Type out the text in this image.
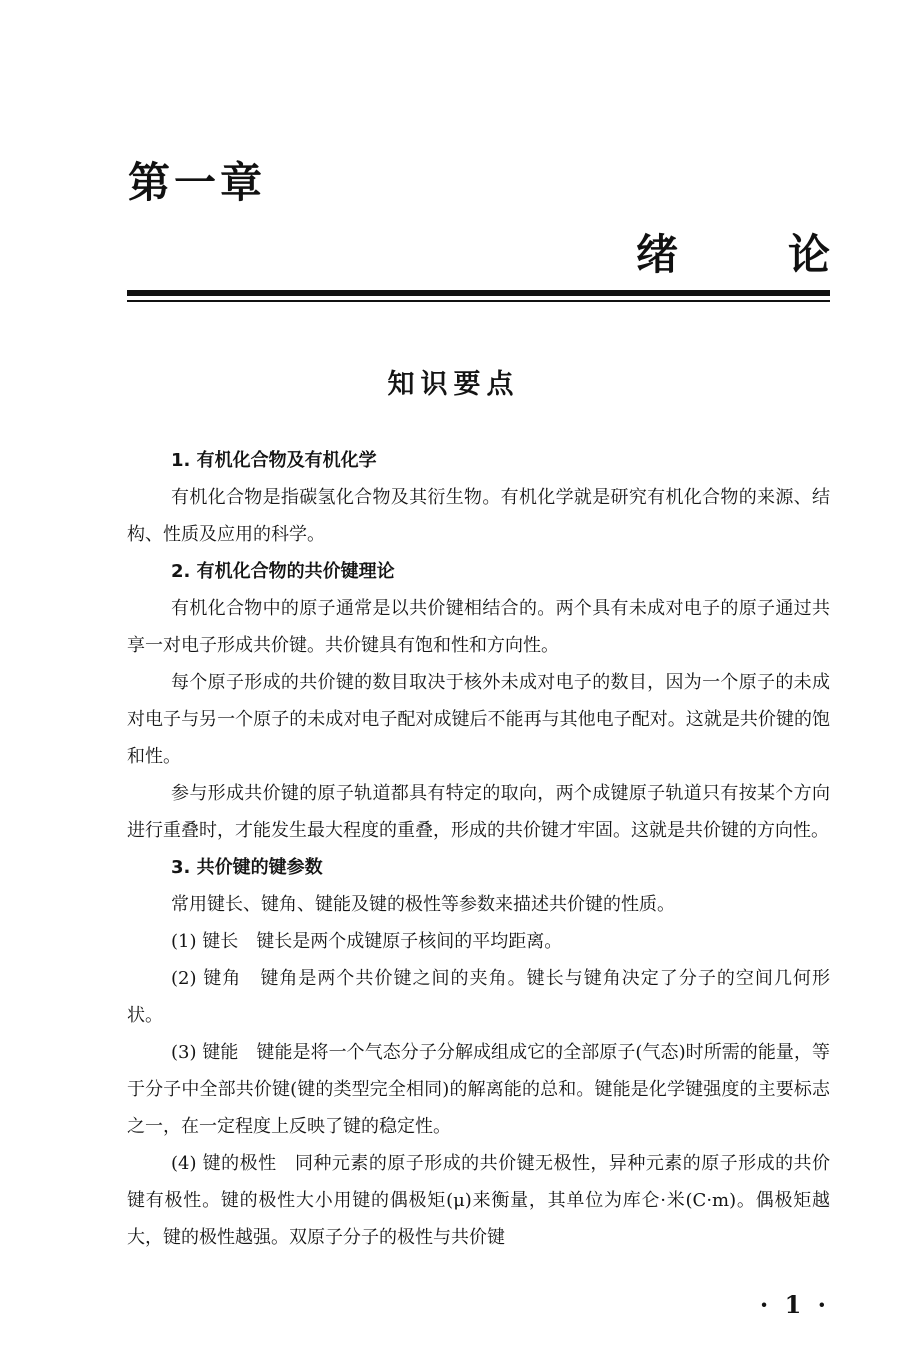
第一章
绪	论
知识要点

1. 有机化合物及有机化学

有机化合物是指碳氢化合物及其衍生物。有机化学就是研究有机化合物的来源、结构、性质及应用的科学。

2. 有机化合物的共价键理论

有机化合物中的原子通常是以共价键相结合的。两个具有未成对电子的原子通过共享一对电子形成共价键。共价键具有饱和性和方向性。

每个原子形成的共价键的数目取决于核外未成对电子的数目，因为一个原子的未成对电子与另一个原子的未成对电子配对成键后不能再与其他电子配对。这就是共价键的饱和性。

参与形成共价键的原子轨道都具有特定的取向，两个成键原子轨道只有按某个方向进行重叠时，才能发生最大程度的重叠，形成的共价键才牢固。这就是共价键的方向性。

3. 共价键的键参数

常用键长、键角、键能及键的极性等参数来描述共价键的性质。

(1) 键长　键长是两个成键原子核间的平均距离。

(2) 键角　键角是两个共价键之间的夹角。键长与键角决定了分子的空间几何形状。

(3) 键能　键能是将一个气态分子分解成组成它的全部原子(气态)时所需的能量，等于分子中全部共价键(键的类型完全相同)的解离能的总和。键能是化学键强度的主要标志之一，在一定程度上反映了键的稳定性。

(4) 键的极性　同种元素的原子形成的共价键无极性，异种元素的原子形成的共价键有极性。键的极性大小用键的偶极矩(μ)来衡量，其单位为库仑·米(C·m)。偶极矩越大，键的极性越强。双原子分子的极性与共价键

· 1 ·
